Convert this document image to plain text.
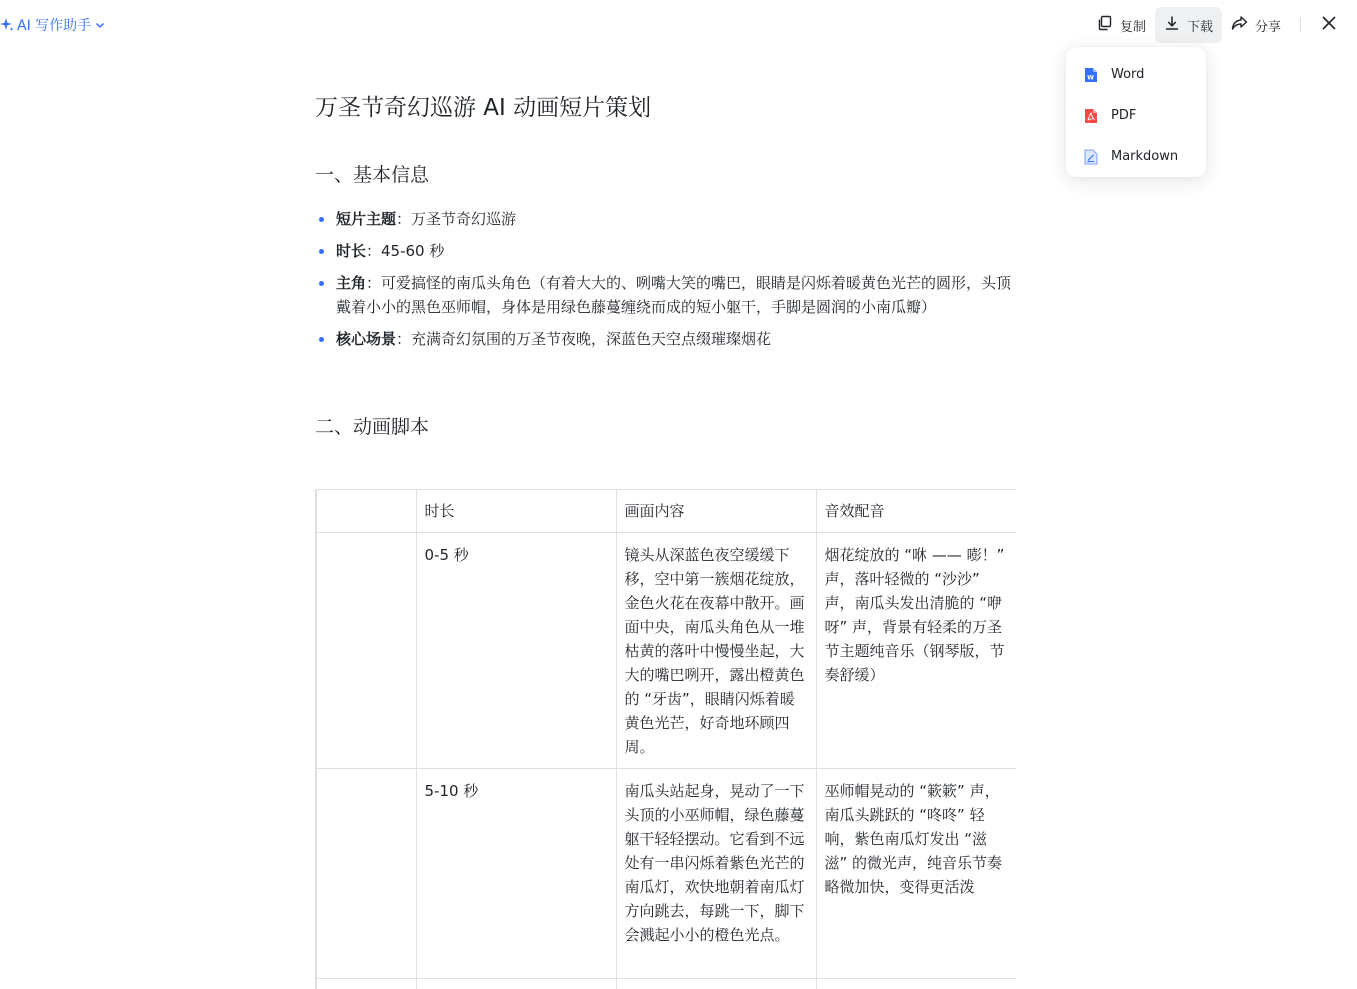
AI 写作助手	复制	下载	分享
W Word
PDF
Markdown
万圣节奇幻巡游 AI 动画短片策划
一、基本信息
短片主题：万圣节奇幻巡游
时长：45-60 秒
主角：可爱搞怪的南瓜头角色（有着大大的、咧嘴大笑的嘴巴，眼睛是闪烁着暖黄色光芒的圆形，头顶戴着小小的黑色巫师帽，身体是用绿色藤蔓缠绕而成的短小躯干，手脚是圆润的小南瓜瓣）
核心场景：充满奇幻氛围的万圣节夜晚，深蓝色天空点缀璀璨烟花
二、动画脚本
	时长	画面内容	音效配音
	0-5 秒	镜头从深蓝色夜空缓缓下移，空中第一簇烟花绽放，金色火花在夜幕中散开。画面中央，南瓜头角色从一堆枯黄的落叶中慢慢坐起，大大的嘴巴咧开，露出橙黄色的 “牙齿”，眼睛闪烁着暖黄色光芒，好奇地环顾四周。	烟花绽放的 “咻 —— 嘭！” 声，落叶轻微的 “沙沙” 声，南瓜头发出清脆的 “咿呀” 声，背景有轻柔的万圣节主题纯音乐（钢琴版，节奏舒缓）
	5-10 秒	南瓜头站起身，晃动了一下头顶的小巫师帽，绿色藤蔓躯干轻轻摆动。它看到不远处有一串闪烁着紫色光芒的南瓜灯，欢快地朝着南瓜灯方向跳去，每跳一下，脚下会溅起小小的橙色光点。	巫师帽晃动的 “簌簌” 声，南瓜头跳跃的 “咚咚” 轻响，紫色南瓜灯发出 “滋滋” 的微光声，纯音乐节奏略微加快，变得更活泼
